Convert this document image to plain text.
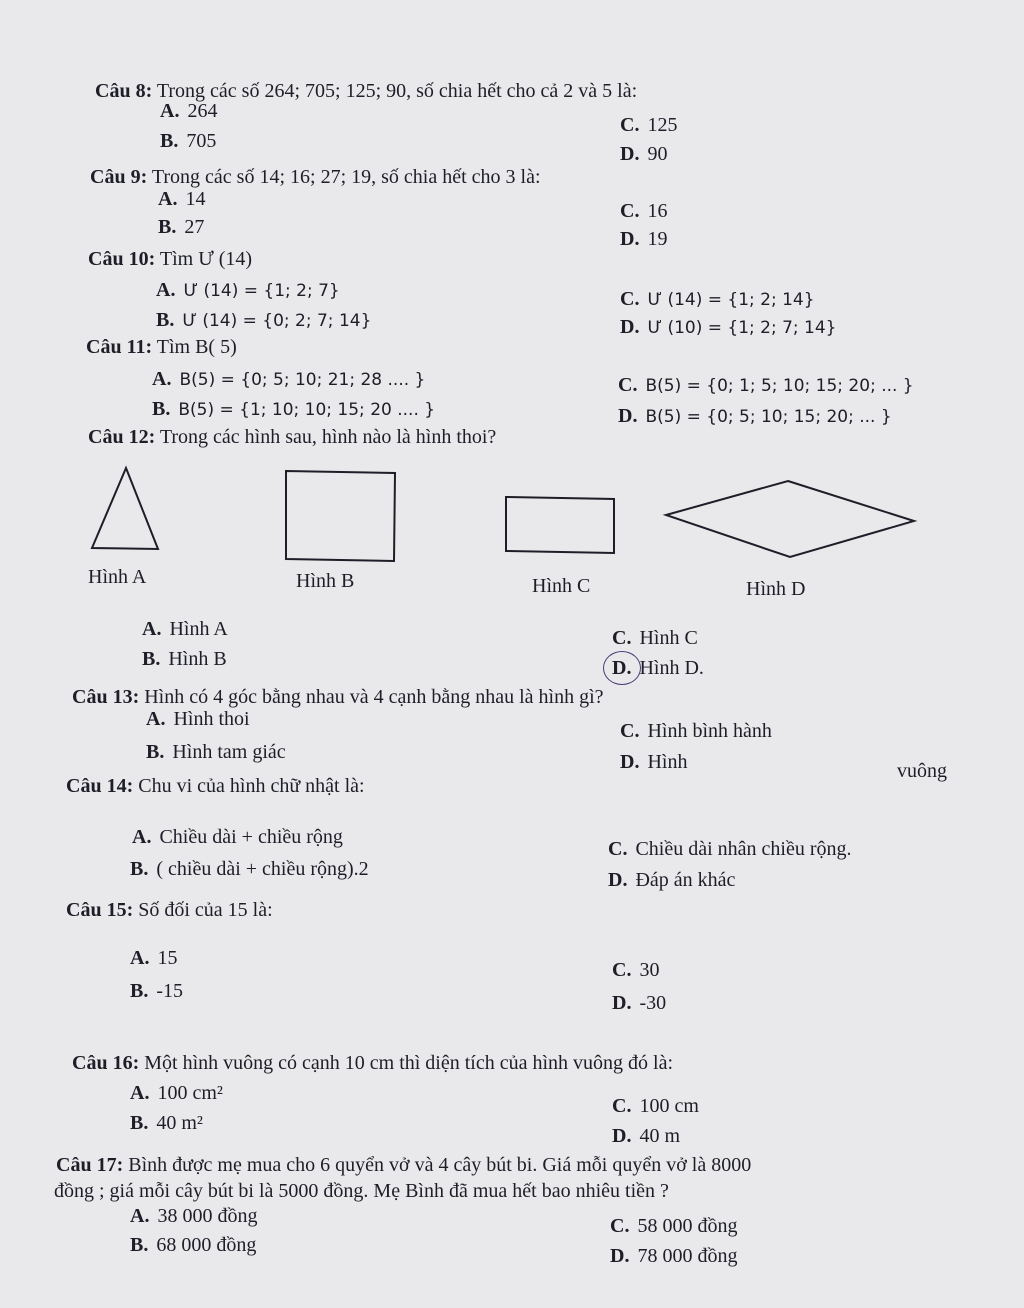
Câu 8: Trong các số 264; 705; 125; 90, số chia hết cho cả 2 và 5 là:
A. 264
B. 705
C. 125
D. 90
Câu 9: Trong các số 14; 16; 27; 19, số chia hết cho 3 là:
A. 14
B. 27
C. 16
D. 19
Câu 10: Tìm Ư (14)
A. Ư (14) = {1; 2; 7}
B. Ư (14) = {0; 2; 7; 14}
C. Ư (14) = {1; 2; 14}
D. Ư (10) = {1; 2; 7; 14}
Câu 11: Tìm B( 5)
A. B(5) = {0; 5; 10; 21; 28 .... }
B. B(5) = {1; 10; 10; 15; 20 .... }
C. B(5) = {0; 1; 5; 10; 15; 20; ... }
D. B(5) = {0; 5; 10; 15; 20; ... }
Câu 12: Trong các hình sau, hình nào là hình thoi?
Hình A	Hình B	Hình C	Hình D
A. Hình A
B. Hình B
C. Hình C
D. Hình D.
Câu 13: Hình có 4 góc bằng nhau và 4 cạnh bằng nhau là hình gì?
A. Hình thoi
B. Hình tam giác
C. Hình bình hành
D. Hình	vuông
Câu 14: Chu vi của hình chữ nhật là:
A. Chiều dài + chiều rộng
B. ( chiều dài + chiều rộng).2
C. Chiều dài nhân chiều rộng.
D. Đáp án khác
Câu 15: Số đối của 15 là:
A. 15
B. -15
C. 30
D. -30
Câu 16: Một hình vuông có cạnh 10 cm thì diện tích của hình vuông đó là:
A. 100 cm²
B. 40 m²
C. 100 cm
D. 40 m
Câu 17: Bình được mẹ mua cho 6 quyển vở và 4 cây bút bi. Giá mỗi quyển vở là 8000
đồng ; giá mỗi cây bút bi là 5000 đồng. Mẹ Bình đã mua hết bao nhiêu tiền ?
A. 38 000 đồng
B. 68 000 đồng
C. 58 000 đồng
D. 78 000 đồng
